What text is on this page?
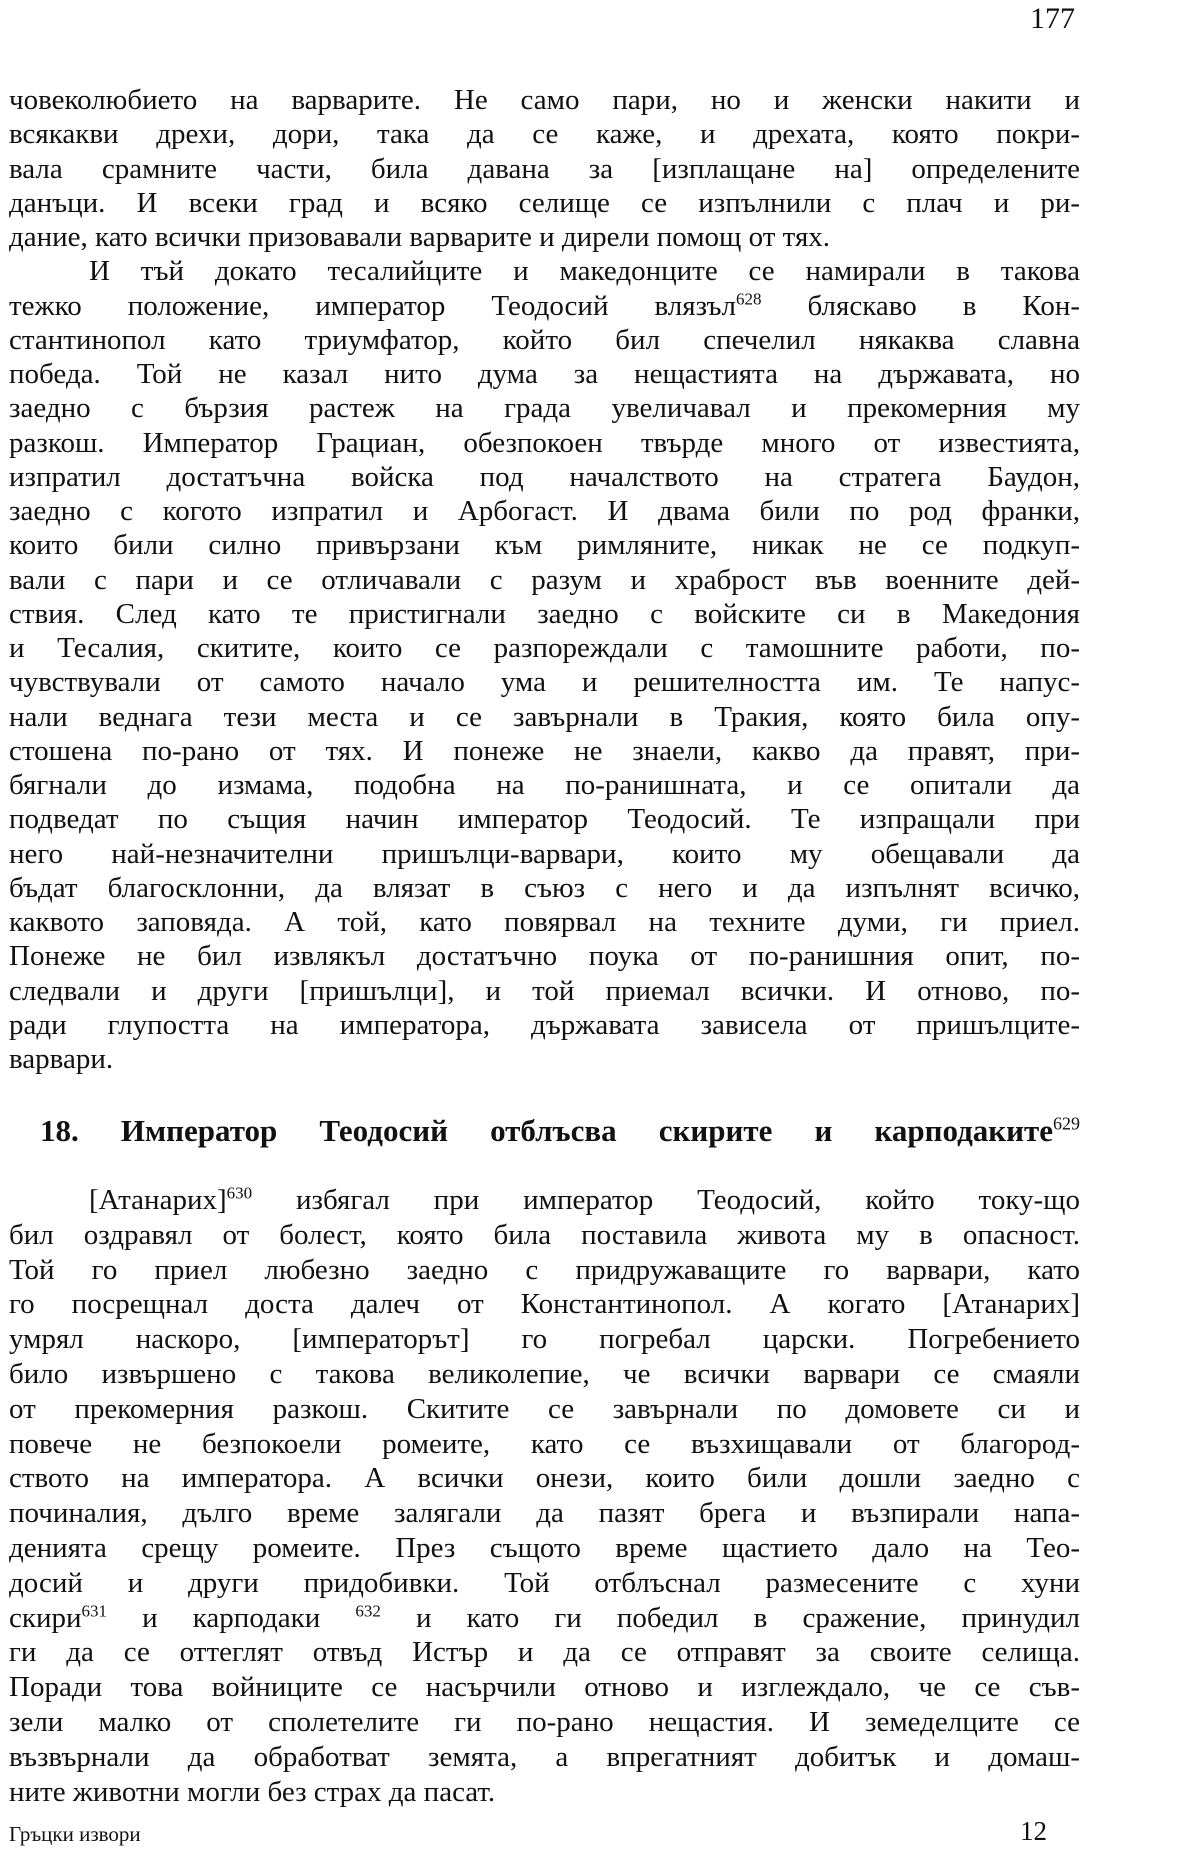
177
човеколюбието на варварите. Не само пари, но и женски накити и
всякакви дрехи, дори, така да се каже, и дрехата, която покри-
вала срамните части, била давана за [изплащане на] определените
данъци. И всеки град и всяко селище се изпълнили с плач и ри-
дание, като всички призовавали варварите и дирели помощ от тях.
И тъй докато тесалийците и македонците се намирали в такова
тежко положение, император Теодосий влязъл$^{628}$ бляскаво в Кон-
стантинопол като триумфатор, който бил спечелил някаква славна
победа. Той не казал нито дума за нещастията на държавата, но
заедно с бързия растеж на града увеличавал и прекомерния му
разкош. Император Грациан, обезпокоен твърде много от известията,
изпратил достатъчна войска под началството на стратега Баудон,
заедно с когото изпратил и Арбогаст. И двама били по род франки,
които били силно привързани към римляните, никак не се подкуп-
вали с пари и се отличавали с разум и храброст във военните дей-
ствия. След като те пристигнали заедно с войските си в Македония
и Тесалия, скитите, които се разпореждали с тамошните работи, по-
чувствували от самото начало ума и решителността им. Те напус-
нали веднага тези места и се завърнали в Тракия, която била опу-
стошена по-рано от тях. И понеже не знаели, какво да правят, при-
бягнали до измама, подобна на по-ранишната, и се опитали да
подведат по същия начин император Теодосий. Те изпращали при
него най-незначителни пришълци-варвари, които му обещавали да
бъдат благосклонни, да влязат в съюз с него и да изпълнят всичко,
каквото заповяда. А той, като повярвал на техните думи, ги приел.
Понеже не бил извлякъл достатъчно поука от по-ранишния опит, по-
следвали и други [пришълци], и той приемал всички. И отново, по-
ради глупостта на императора, държавата зависела от пришълците-
варвари.
18. Император Теодосий отблъсва скирите и карподаките$^{629}$
[Атанарих]$^{630}$ избягал при император Теодосий, който току-що
бил оздравял от болест, която била поставила живота му в опасност.
Той го приел любезно заедно с придружаващите го варвари, като
го посрещнал доста далеч от Константинопол. А когато [Атанарих]
умрял наскоро, [императорът] го погребал царски. Погребението
било извършено с такова великолепие, че всички варвари се смаяли
от прекомерния разкош. Скитите се завърнали по домовете си и
повече не безпокоели ромеите, като се възхищавали от благород-
ството на императора. А всички онези, които били дошли заедно с
починалия, дълго време залягали да пазят брега и възпирали напа-
денията срещу ромеите. През същото време щастието дало на Тео-
досий и други придобивки. Той отблъснал размесените с хуни
скири$^{631}$ и карподаки $^{632}$ и като ги победил в сражение, принудил
ги да се оттеглят отвъд Истър и да се отправят за своите селища.
Поради това войниците се насърчили отново и изглеждало, че се съв-
зели малко от сполетелите ги по-рано нещастия. И земеделците се
възвърнали да обработват земята, а впрегатният добитък и домаш-
ните животни могли без страх да пасат.
Гръцки извори	12
